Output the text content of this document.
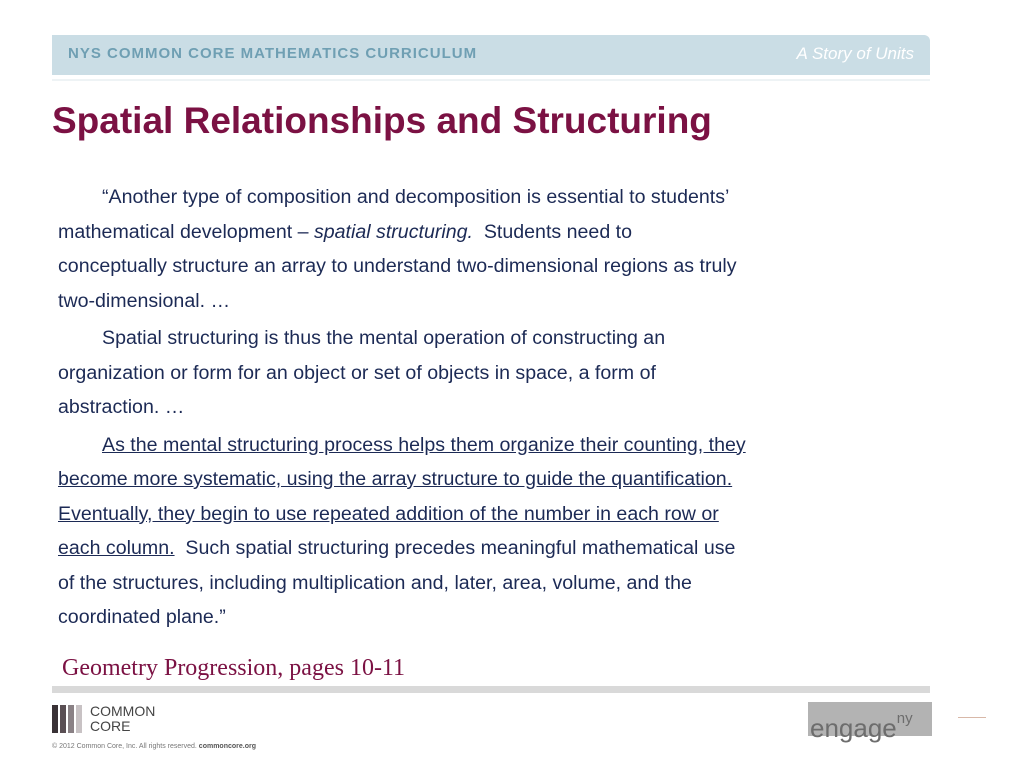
NYS COMMON CORE MATHEMATICS CURRICULUM	A Story of Units
Spatial Relationships and Structuring
“Another type of composition and decomposition is essential to students’
mathematical development – spatial structuring.  Students need to
conceptually structure an array to understand two-dimensional regions as truly
two-dimensional. …
Spatial structuring is thus the mental operation of constructing an
organization or form for an object or set of objects in space, a form of
abstraction. …
As the mental structuring process helps them organize their counting, they
become more systematic, using the array structure to guide the quantification.
Eventually, they begin to use repeated addition of the number in each row or
each column.  Such spatial structuring precedes meaningful mathematical use
of the structures, including multiplication and, later, area, volume, and the
coordinated plane.”
Geometry Progression, pages 10-11
COMMON
CORE
© 2012 Common Core, Inc. All rights reserved. commoncore.org
engage$^{ny}$
